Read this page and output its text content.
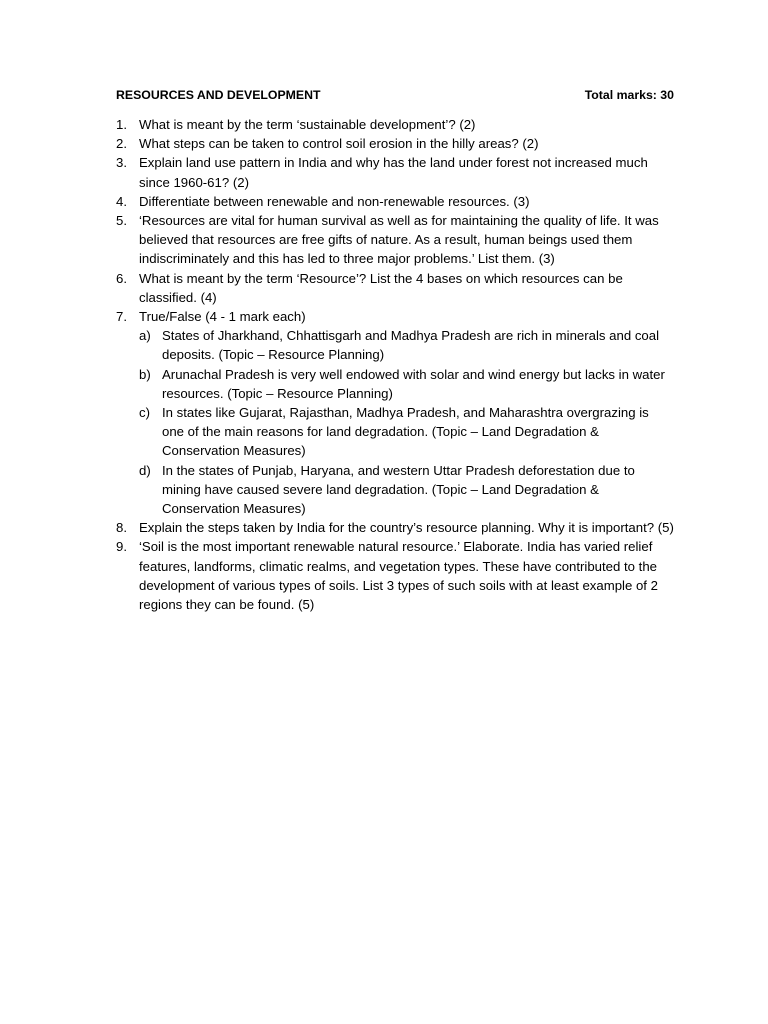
RESOURCES AND DEVELOPMENT	Total marks: 30
1. What is meant by the term ‘sustainable development’? (2)
2. What steps can be taken to control soil erosion in the hilly areas? (2)
3. Explain land use pattern in India and why has the land under forest not increased much since 1960-61? (2)
4. Differentiate between renewable and non-renewable resources. (3)
5. ‘Resources are vital for human survival as well as for maintaining the quality of life. It was believed that resources are free gifts of nature. As a result, human beings used them indiscriminately and this has led to three major problems.’ List them. (3)
6. What is meant by the term ‘Resource’? List the 4 bases on which resources can be classified. (4)
7. True/False (4 - 1 mark each)
a) States of Jharkhand, Chhattisgarh and Madhya Pradesh are rich in minerals and coal deposits. (Topic – Resource Planning)
b) Arunachal Pradesh is very well endowed with solar and wind energy but lacks in water resources. (Topic – Resource Planning)
c) In states like Gujarat, Rajasthan, Madhya Pradesh, and Maharashtra overgrazing is one of the main reasons for land degradation. (Topic – Land Degradation & Conservation Measures)
d) In the states of Punjab, Haryana, and western Uttar Pradesh deforestation due to mining have caused severe land degradation. (Topic – Land Degradation & Conservation Measures)
8. Explain the steps taken by India for the country’s resource planning. Why it is important? (5)
9. ‘Soil is the most important renewable natural resource.’ Elaborate. India has varied relief features, landforms, climatic realms, and vegetation types. These have contributed to the development of various types of soils. List 3 types of such soils with at least example of 2 regions they can be found. (5)
